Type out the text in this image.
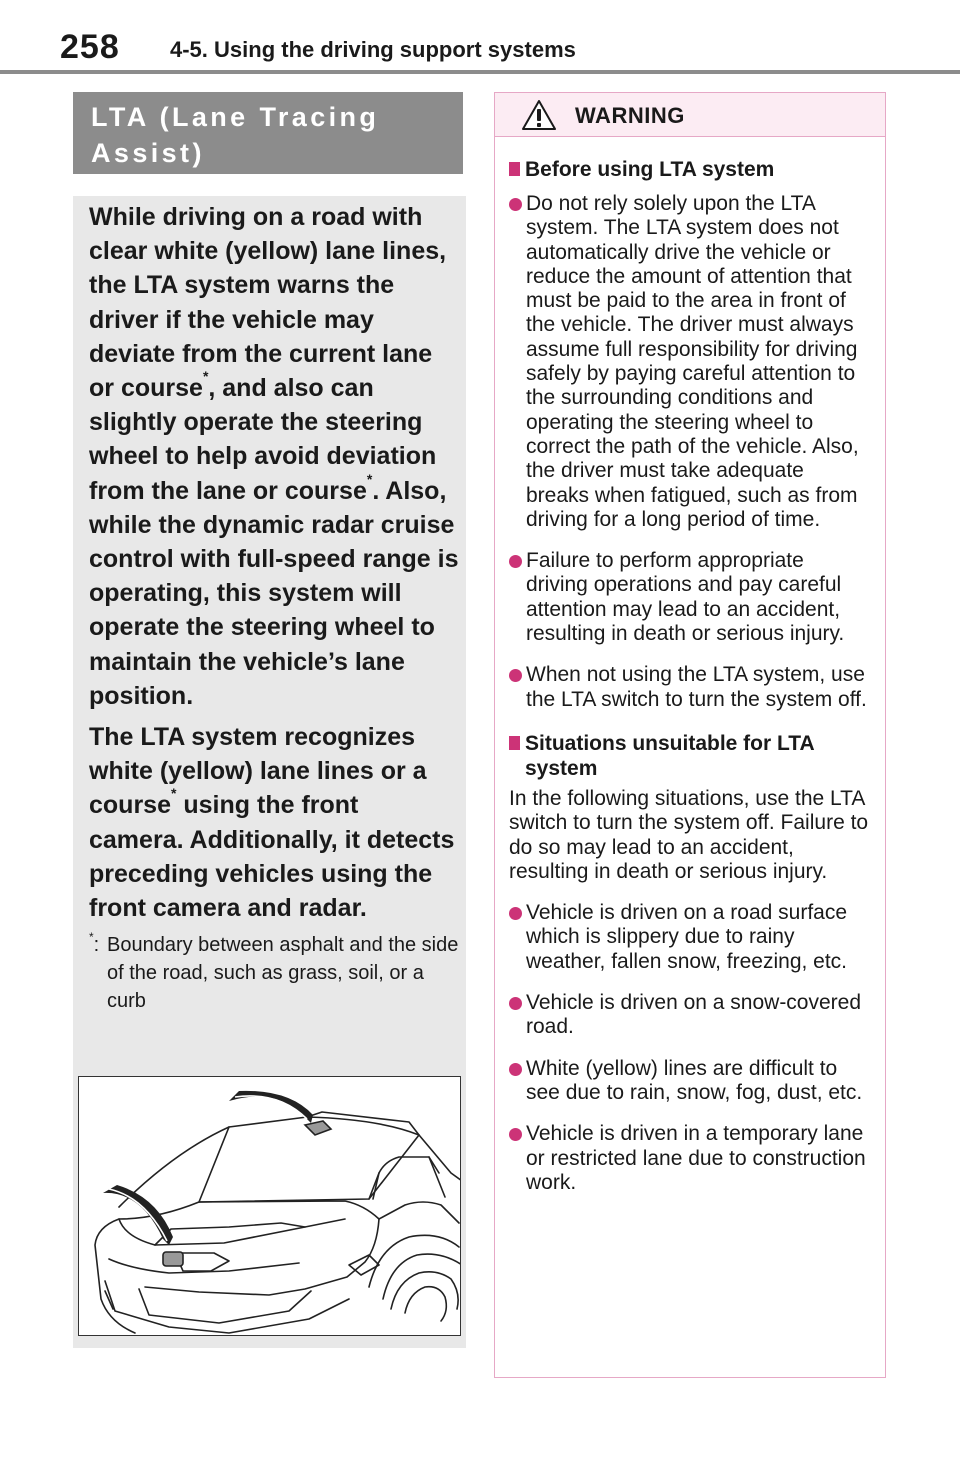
258 4-5. Using the driving support systems
LTA (Lane Tracing Assist)

While driving on a road with clear white (yellow) lane lines, the LTA system warns the driver if the vehicle may deviate from the current lane or course*, and also can slightly operate the steering wheel to help avoid deviation from the lane or course*. Also, while the dynamic radar cruise control with full-speed range is operating, this system will operate the steering wheel to maintain the vehicle’s lane position.

The LTA system recognizes white (yellow) lane lines or a course* using the front camera. Additionally, it detects preceding vehicles using the front camera and radar.

*: Boundary between asphalt and the side of the road, such as grass, soil, or a curb
WARNING
Before using LTA system
Do not rely solely upon the LTA system. The LTA system does not automatically drive the vehicle or reduce the amount of attention that must be paid to the area in front of the vehicle. The driver must always assume full responsibility for driving safely by paying careful attention to the surrounding conditions and operating the steering wheel to correct the path of the vehicle. Also, the driver must take adequate breaks when fatigued, such as from driving for a long period of time.
Failure to perform appropriate driving operations and pay careful attention may lead to an accident, resulting in death or serious injury.
When not using the LTA system, use the LTA switch to turn the system off.
Situations unsuitable for LTA system
In the following situations, use the LTA switch to turn the system off. Failure to do so may lead to an accident, resulting in death or serious injury.
Vehicle is driven on a road surface which is slippery due to rainy weather, fallen snow, freezing, etc.
Vehicle is driven on a snow-covered road.
White (yellow) lines are difficult to see due to rain, snow, fog, dust, etc.
Vehicle is driven in a temporary lane or restricted lane due to construction work.
